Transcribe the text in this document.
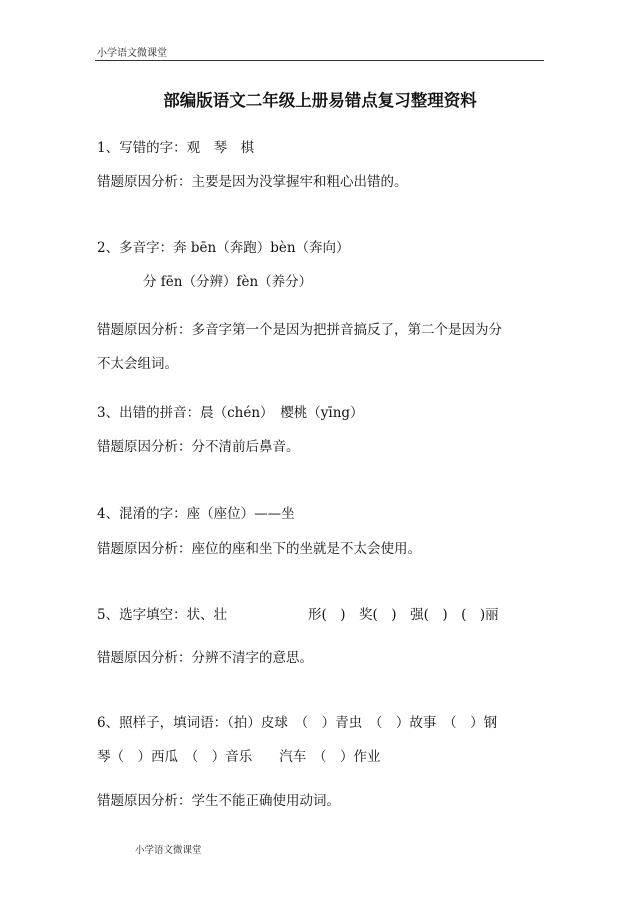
小学语文微课堂
部编版语文二年级上册易错点复习整理资料
1、写错的字：观　琴　棋
错题原因分析：主要是因为没掌握牢和粗心出错的。
2、多音字：奔 bēn（奔跑）bèn（奔向）
分 fēn（分辨）fèn（养分）
错题原因分析：多音字第一个是因为把拼音搞反了，第二个是因为分
不太会组词。
3、出错的拼音：晨（chén）　樱桃（yīng）
错题原因分析：分不清前后鼻音。
4、混淆的字：座（座位）——坐
错题原因分析：座位的座和坐下的坐就是不太会使用。
5、选字填空：状、壮	形(　)　奖(　)　强(　)　(　)丽
错题原因分析：分辨不清字的意思。
6、照样子，填词语：（拍）皮球　（　）青虫　（　）故事　（　）钢
琴（　）西瓜　（　）音乐　　汽车　（　）作业
错题原因分析：学生不能正确使用动词。
小学语文微课堂
